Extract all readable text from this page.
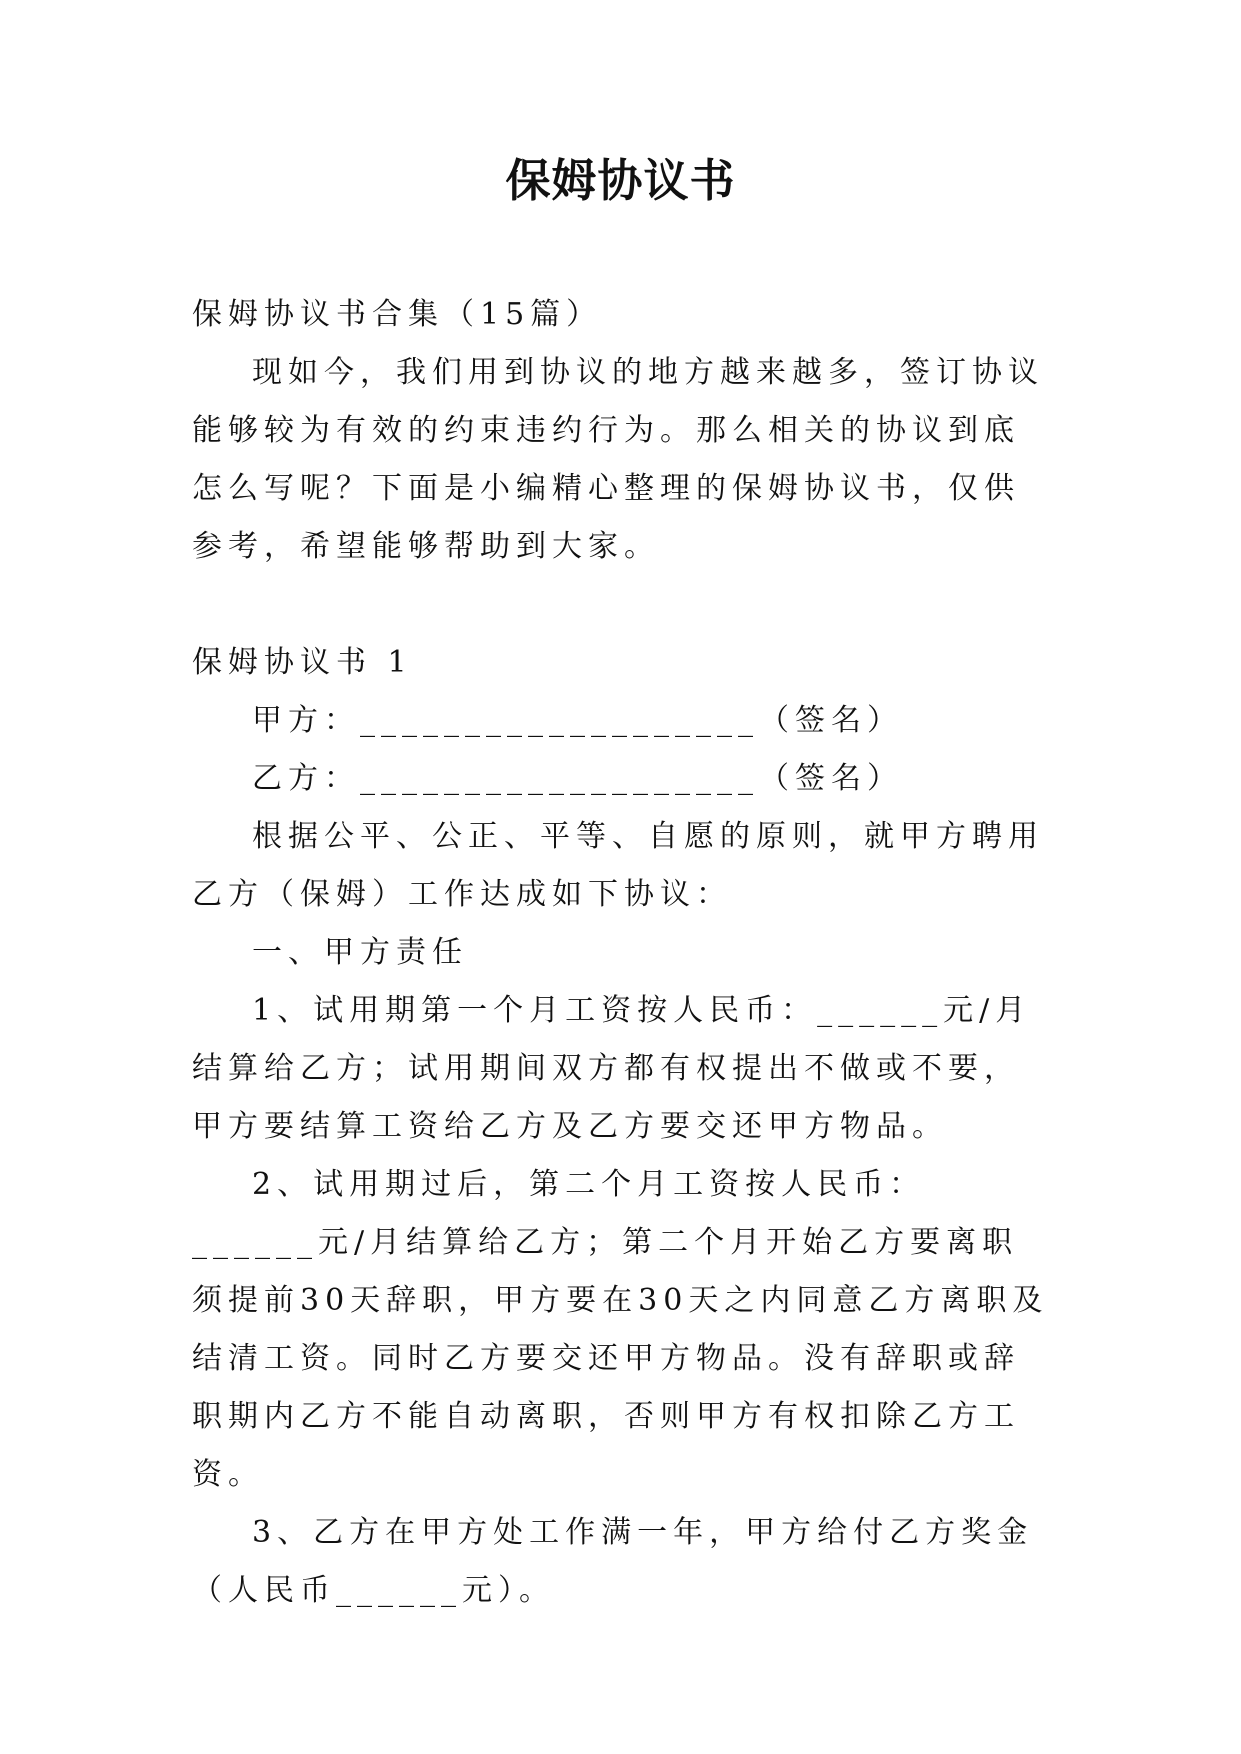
保姆协议书

保姆协议书合集（15篇）

现如今，我们用到协议的地方越来越多，签订协议能够较为有效的约束违约行为。那么相关的协议到底怎么写呢？下面是小编精心整理的保姆协议书，仅供参考，希望能够帮助到大家。

保姆协议书 1

甲方：___________________（签名）

乙方：___________________（签名）

根据公平、公正、平等、自愿的原则，就甲方聘用乙方（保姆）工作达成如下协议：

一、甲方责任

1、试用期第一个月工资按人民币：______元/月结算给乙方；试用期间双方都有权提出不做或不要，甲方要结算工资给乙方及乙方要交还甲方物品。

2、试用期过后，第二个月工资按人民币：______元/月结算给乙方；第二个月开始乙方要离职须提前30天辞职，甲方要在30天之内同意乙方离职及结清工资。同时乙方要交还甲方物品。没有辞职或辞职期内乙方不能自动离职，否则甲方有权扣除乙方工资。

3、乙方在甲方处工作满一年，甲方给付乙方奖金（人民币______元）。
